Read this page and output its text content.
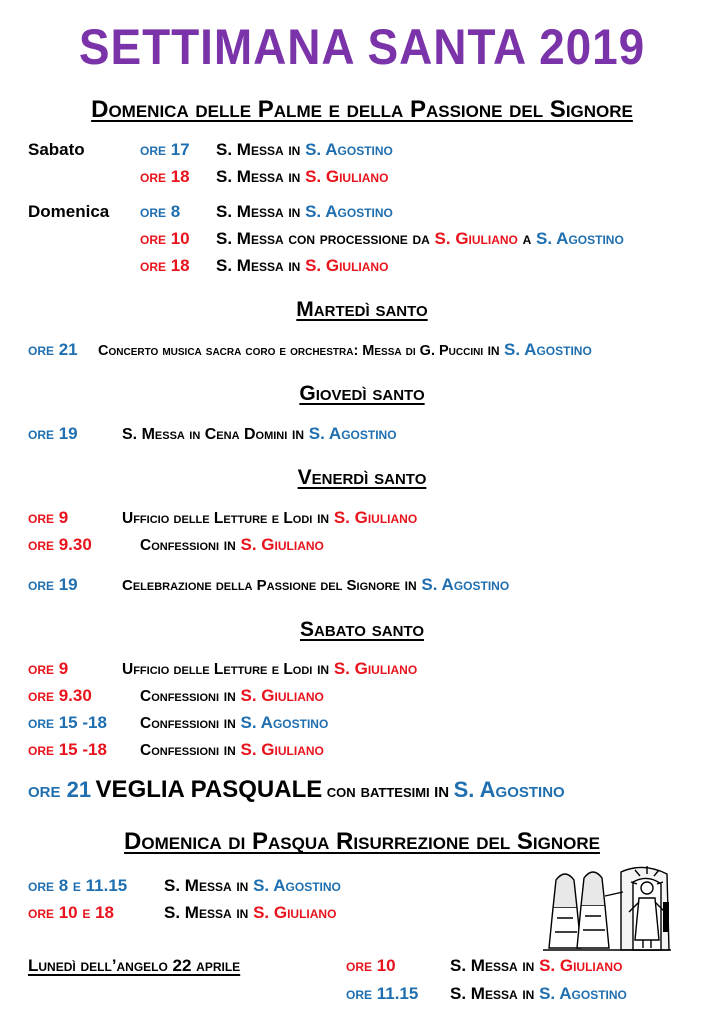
SETTIMANA SANTA 2019
Domenica delle Palme e della Passione del Signore
Sabato	ore 17 S. Messa in S. Agostino
ore 18 S. Messa in S. Giuliano
Domenica ore 8 S. Messa in S. Agostino
ore 10 S. Messa con processione da S. Giuliano a S. Agostino
ore 18 S. Messa in S. Giuliano
Martedì santo
ore 21 Concerto musica sacra coro e orchestra: Messa di G. Puccini in S. Agostino
Giovedì santo
ore 19	S. Messa in Cena Domini in S. Agostino
Venerdì santo
ore 9	Ufficio delle Letture e Lodi in S. Giuliano
ore 9.30	Confessioni in S. Giuliano
ore 19	Celebrazione della Passione del Signore in S. Agostino
Sabato santo
ore 9	Ufficio delle Letture e Lodi in S. Giuliano
ore 9.30	Confessioni in S. Giuliano
ore 15 -18 Confessioni in S. Agostino
ore 15 -18 Confessioni in S. Giuliano
ore 21 VEGLIA PASQUALE con battesimi in S. Agostino
Domenica di Pasqua Risurrezione del Signore
ore 8 e 11.15 S. Messa in S. Agostino
ore 10 e 18	S. Messa in S. Giuliano
Lunedì dell’angelo 22 aprile	ore 10	S. Messa in S. Giuliano
ore 11.15 S. Messa in S. Agostino
